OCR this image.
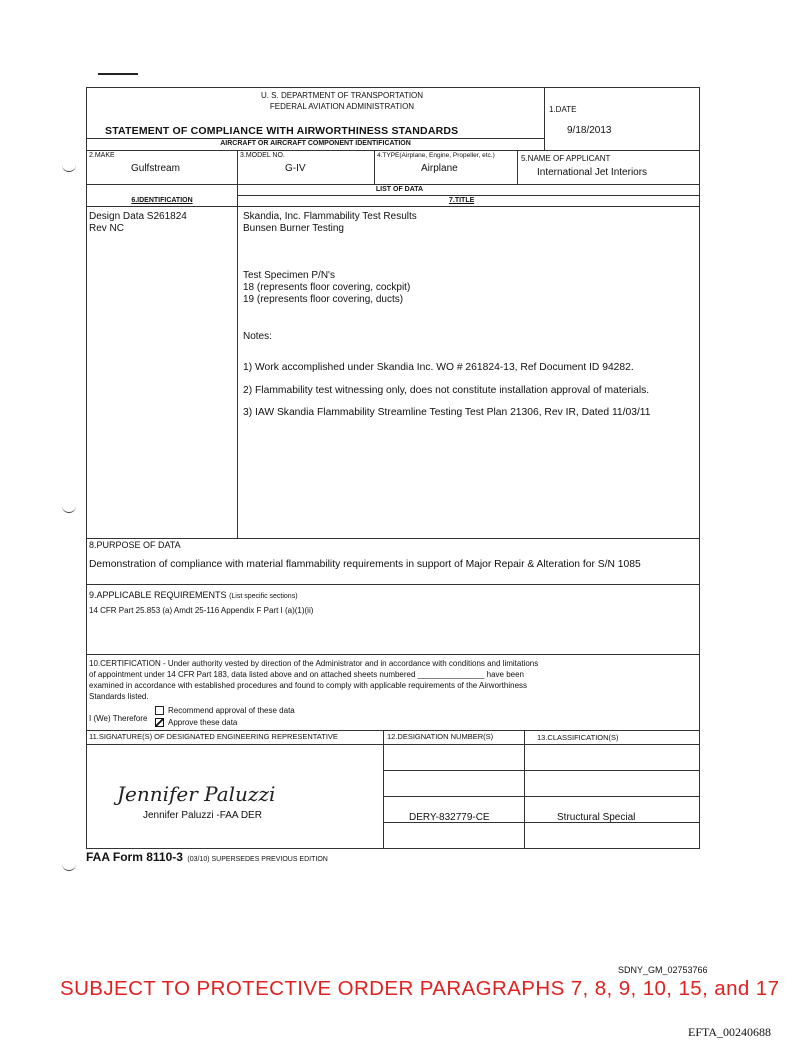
U. S. DEPARTMENT OF TRANSPORTATION
FEDERAL AVIATION ADMINISTRATION
STATEMENT OF COMPLIANCE WITH AIRWORTHINESS STANDARDS
1.DATE
9/18/2013
AIRCRAFT OR AIRCRAFT COMPONENT IDENTIFICATION
2.MAKE
Gulfstream
3.MODEL NO.
G-IV
4.TYPE(Airplane, Engine, Propeller, etc.)
Airplane
5.NAME OF APPLICANT
International Jet Interiors
LIST OF DATA
6.IDENTIFICATION	7.TITLE
Design Data S261824
Rev NC
Skandia, Inc. Flammability Test Results
Bunsen Burner Testing
Test Specimen P/N's
18 (represents floor covering, cockpit)
19 (represents floor covering, ducts)
Notes:
1) Work accomplished under Skandia Inc. WO # 261824-13, Ref Document ID 94282.
2) Flammability test witnessing only, does not constitute installation approval of materials.
3) IAW Skandia Flammability Streamline Testing Test Plan 21306, Rev IR, Dated 11/03/11
8.PURPOSE OF DATA
Demonstration of compliance with material flammability requirements in support of Major Repair & Alteration for S/N 1085
9.APPLICABLE REQUIREMENTS (List specific sections)
14 CFR Part 25.853 (a) Amdt 25-116 Appendix F Part I (a)(1)(ii)
10.CERTIFICATION - Under authority vested by direction of the Administrator and in accordance with conditions and limitations
of appointment under 14 CFR Part 183, data listed above and on attached sheets numbered _______________ have been
examined in accordance with established procedures and found to comply with applicable requirements of the Airworthiness
Standards listed.
I (We) Therefore
Recommend approval of these data
Approve these data
11.SIGNATURE(S) OF DESIGNATED ENGINEERING REPRESENTATIVE	12.DESIGNATION NUMBER(S)	13.CLASSIFICATION(S)
Jennifer Paluzzi
Jennifer Paluzzi -FAA DER	DERY-832779-CE	Structural Special
FAA Form 8110-3 (03/10) SUPERSEDES PREVIOUS EDITION
SDNY_GM_02753766
SUBJECT TO PROTECTIVE ORDER PARAGRAPHS 7, 8, 9, 10, 15, and 17
EFTA_00240688
